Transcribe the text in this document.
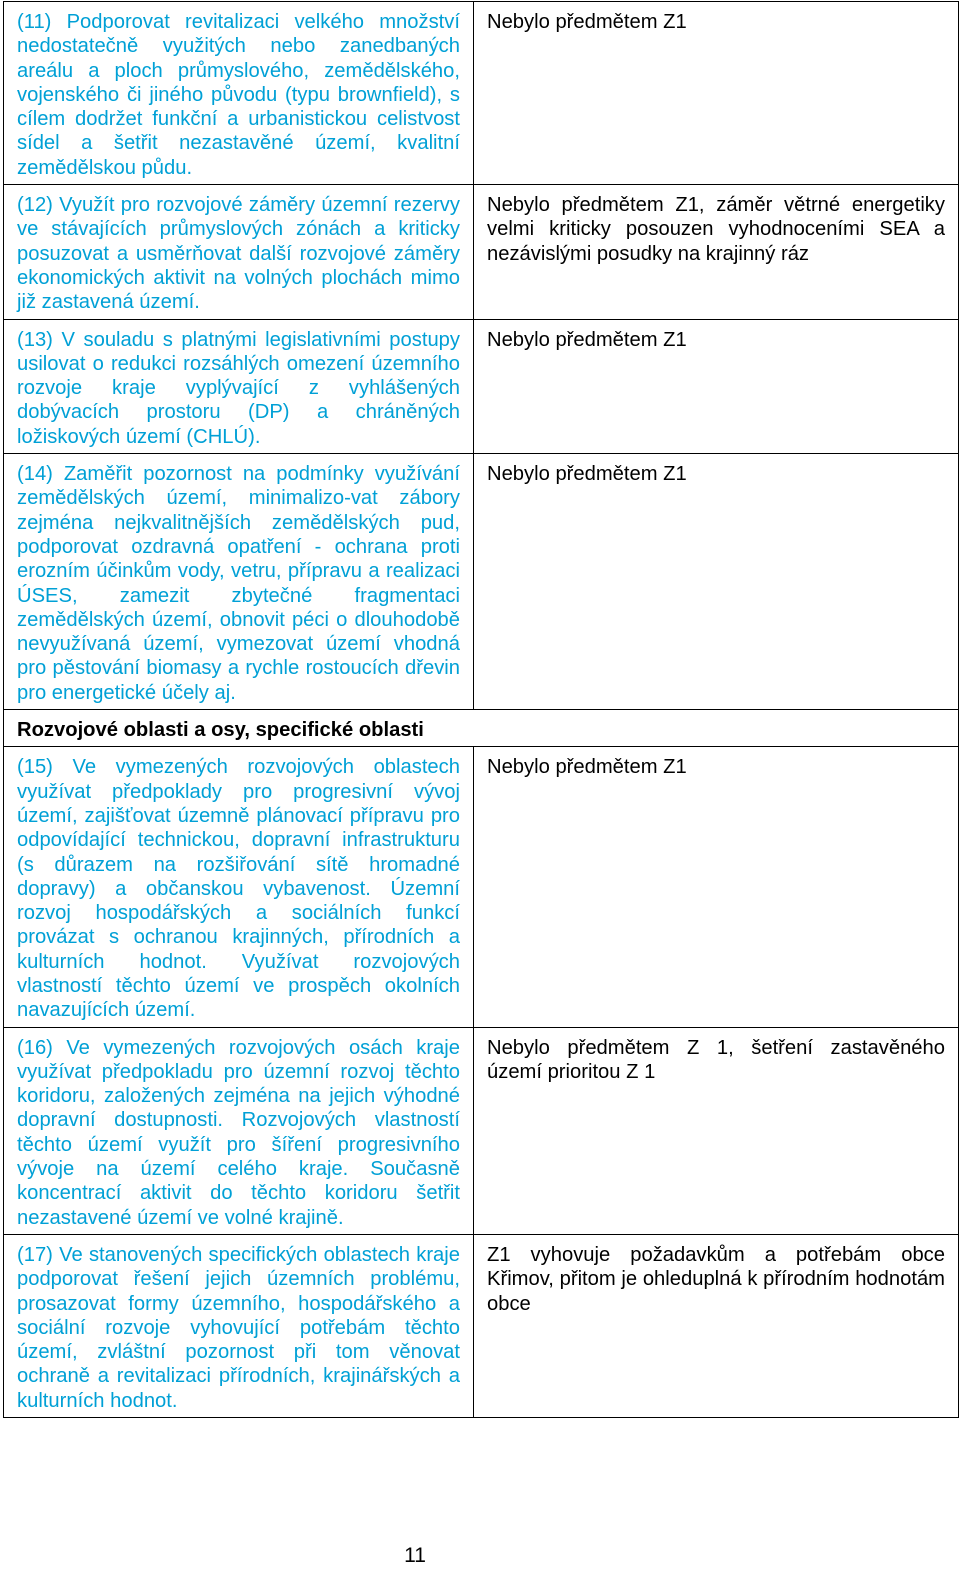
(11) Podporovat revitalizaci velkého množství nedostatečně využitých nebo zanedbaných areálu a ploch průmyslového, zemědělského, vojenského či jiného původu (typu brownfield), s cílem dodržet funkční a urbanistickou celistvost sídel a šetřit nezastavěné území, kvalitní zemědělskou půdu.	Nebylo předmětem Z1
(12) Využít pro rozvojové záměry územní rezervy ve stávajících průmyslových zónách a kriticky posuzovat a usměrňovat další rozvojové záměry ekonomických aktivit na volných plochách mimo již zastavená území.	Nebylo předmětem Z1, záměr větrné energetiky velmi kriticky posouzen vyhodnoceními SEA a nezávislými posudky na krajinný ráz
(13) V souladu s platnými legislativními postupy usilovat o redukci rozsáhlých omezení územního rozvoje kraje vyplývající z vyhlášených dobývacích prostoru (DP) a chráněných ložiskových území (CHLÚ).	Nebylo předmětem Z1
(14) Zaměřit pozornost na podmínky využívání zemědělských území, minimalizo-vat zábory zejména nejkvalitnějších zemědělských pud, podporovat ozdravná opatření - ochrana proti erozním účinkům vody, vetru, přípravu a realizaci ÚSES, zamezit zbytečné fragmentaci zemědělských území, obnovit péci o dlouhodobě nevyužívaná území, vymezovat území vhodná pro pěstování biomasy a rychle rostoucích dřevin pro energetické účely aj.	Nebylo předmětem Z1
Rozvojové oblasti a osy, specifické oblasti	
(15) Ve vymezených rozvojových oblastech využívat předpoklady pro progresivní vývoj území, zajišťovat územně plánovací přípravu pro odpovídající technickou, dopravní infrastrukturu (s důrazem na rozšiřování sítě hromadné dopravy) a občanskou vybavenost. Územní rozvoj hospodářských a sociálních funkcí provázat s ochranou krajinných, přírodních a kulturních hodnot. Využívat rozvojových vlastností těchto území ve prospěch okolních navazujících území.	Nebylo předmětem Z1
(16) Ve vymezených rozvojových osách kraje využívat předpokladu pro územní rozvoj těchto koridoru, založených zejména na jejich výhodné dopravní dostupnosti. Rozvojových vlastností těchto území využít pro šíření progresivního vývoje na území celého kraje. Současně koncentrací aktivit do těchto koridoru šetřit nezastavené území ve volné krajině.	Nebylo předmětem Z 1, šetření zastavěného území prioritou Z 1
(17) Ve stanovených specifických oblastech kraje podporovat řešení jejich územních problému, prosazovat formy územního, hospodářského a sociální rozvoje vyhovující potřebám těchto území, zvláštní pozornost při tom věnovat ochraně a revitalizaci přírodních, krajinářských a kulturních hodnot.	Z1 vyhovuje požadavkům a potřebám obce Křimov, přitom je ohleduplná k přírodním hodnotám obce
11
